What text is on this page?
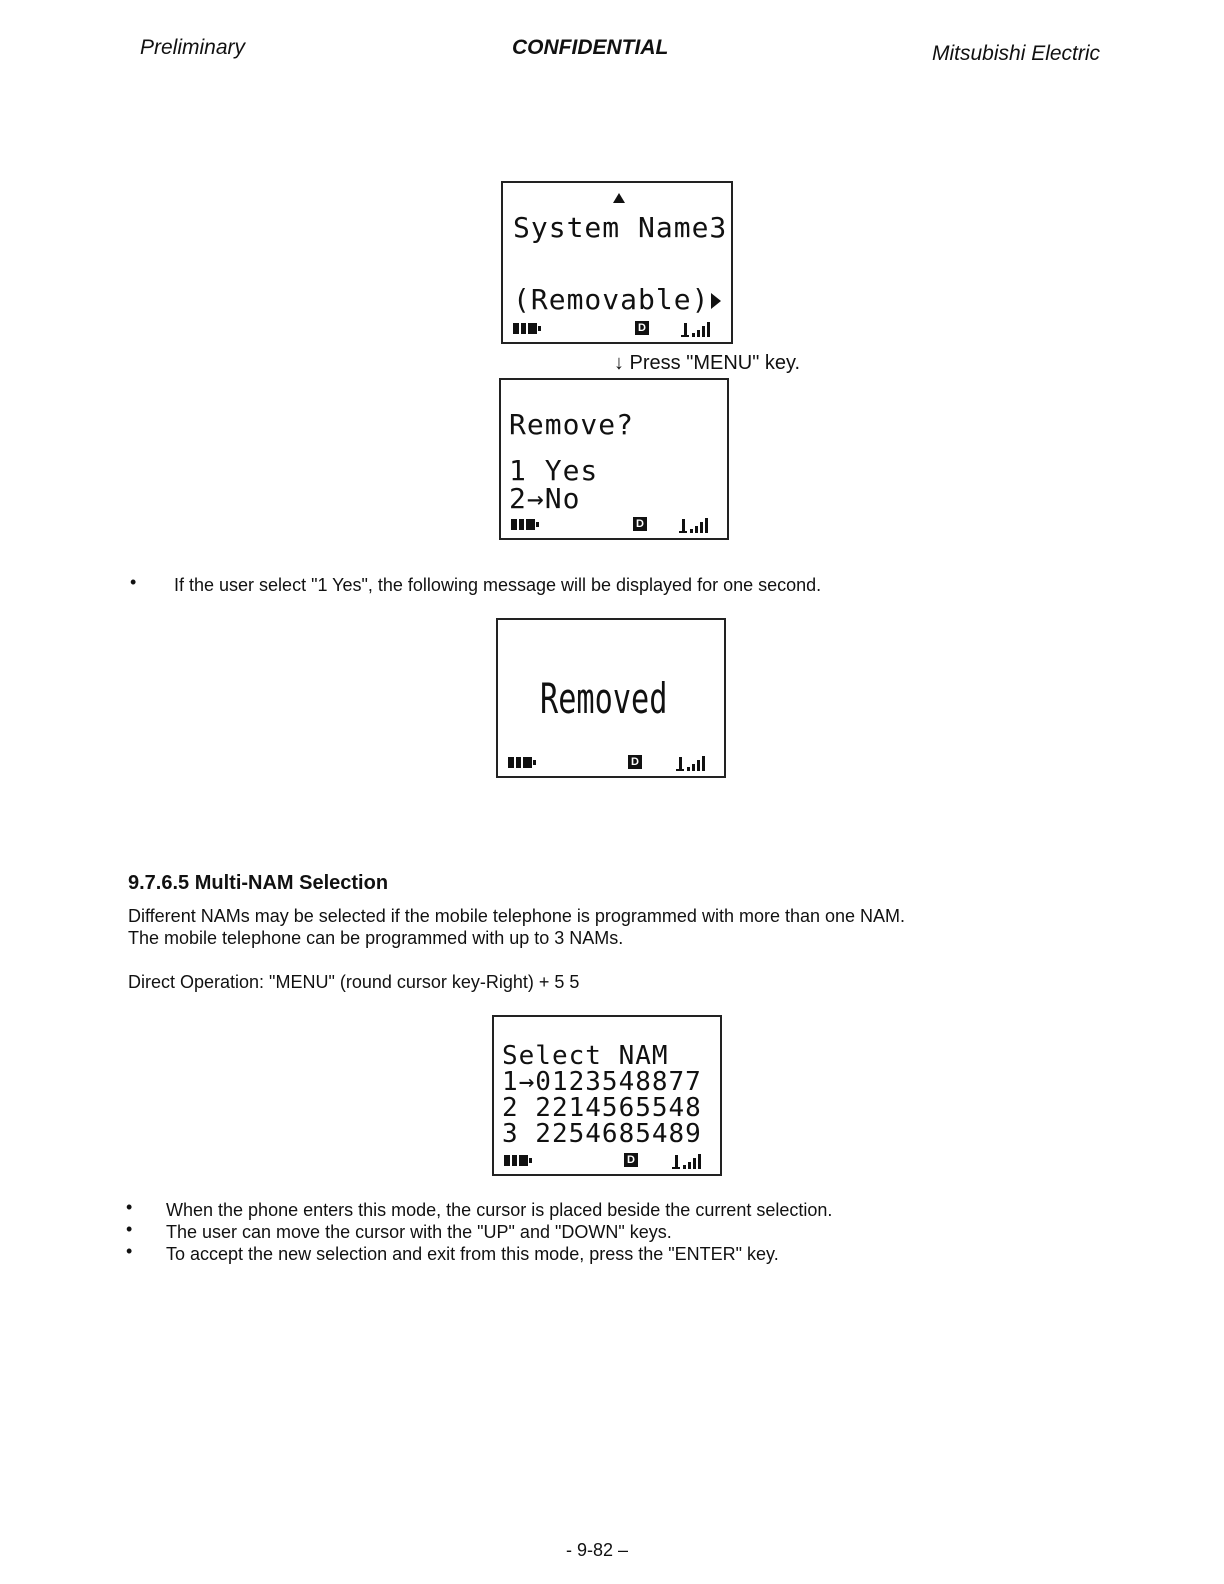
Preliminary	CONFIDENTIAL	Mitsubishi Electric
System Name3
(Removable)
D
↓ Press "MENU" key.
Remove?
1 Yes
2→No
D
• If the user select "1 Yes", the following message will be displayed for one second.
Removed
D
9.7.6.5 Multi-NAM Selection
Different NAMs may be selected if the mobile telephone is programmed with more than one NAM.
The mobile telephone can be programmed with up to 3 NAMs.
Direct Operation: "MENU" (round cursor key-Right) + 5 5
Select NAM
1→0123548877
2 2214565548
3 2254685489
D
• When the phone enters this mode, the cursor is placed beside the current selection.
• The user can move the cursor with the "UP" and "DOWN" keys.
• To accept the new selection and exit from this mode, press the "ENTER" key.
- 9-82 –
